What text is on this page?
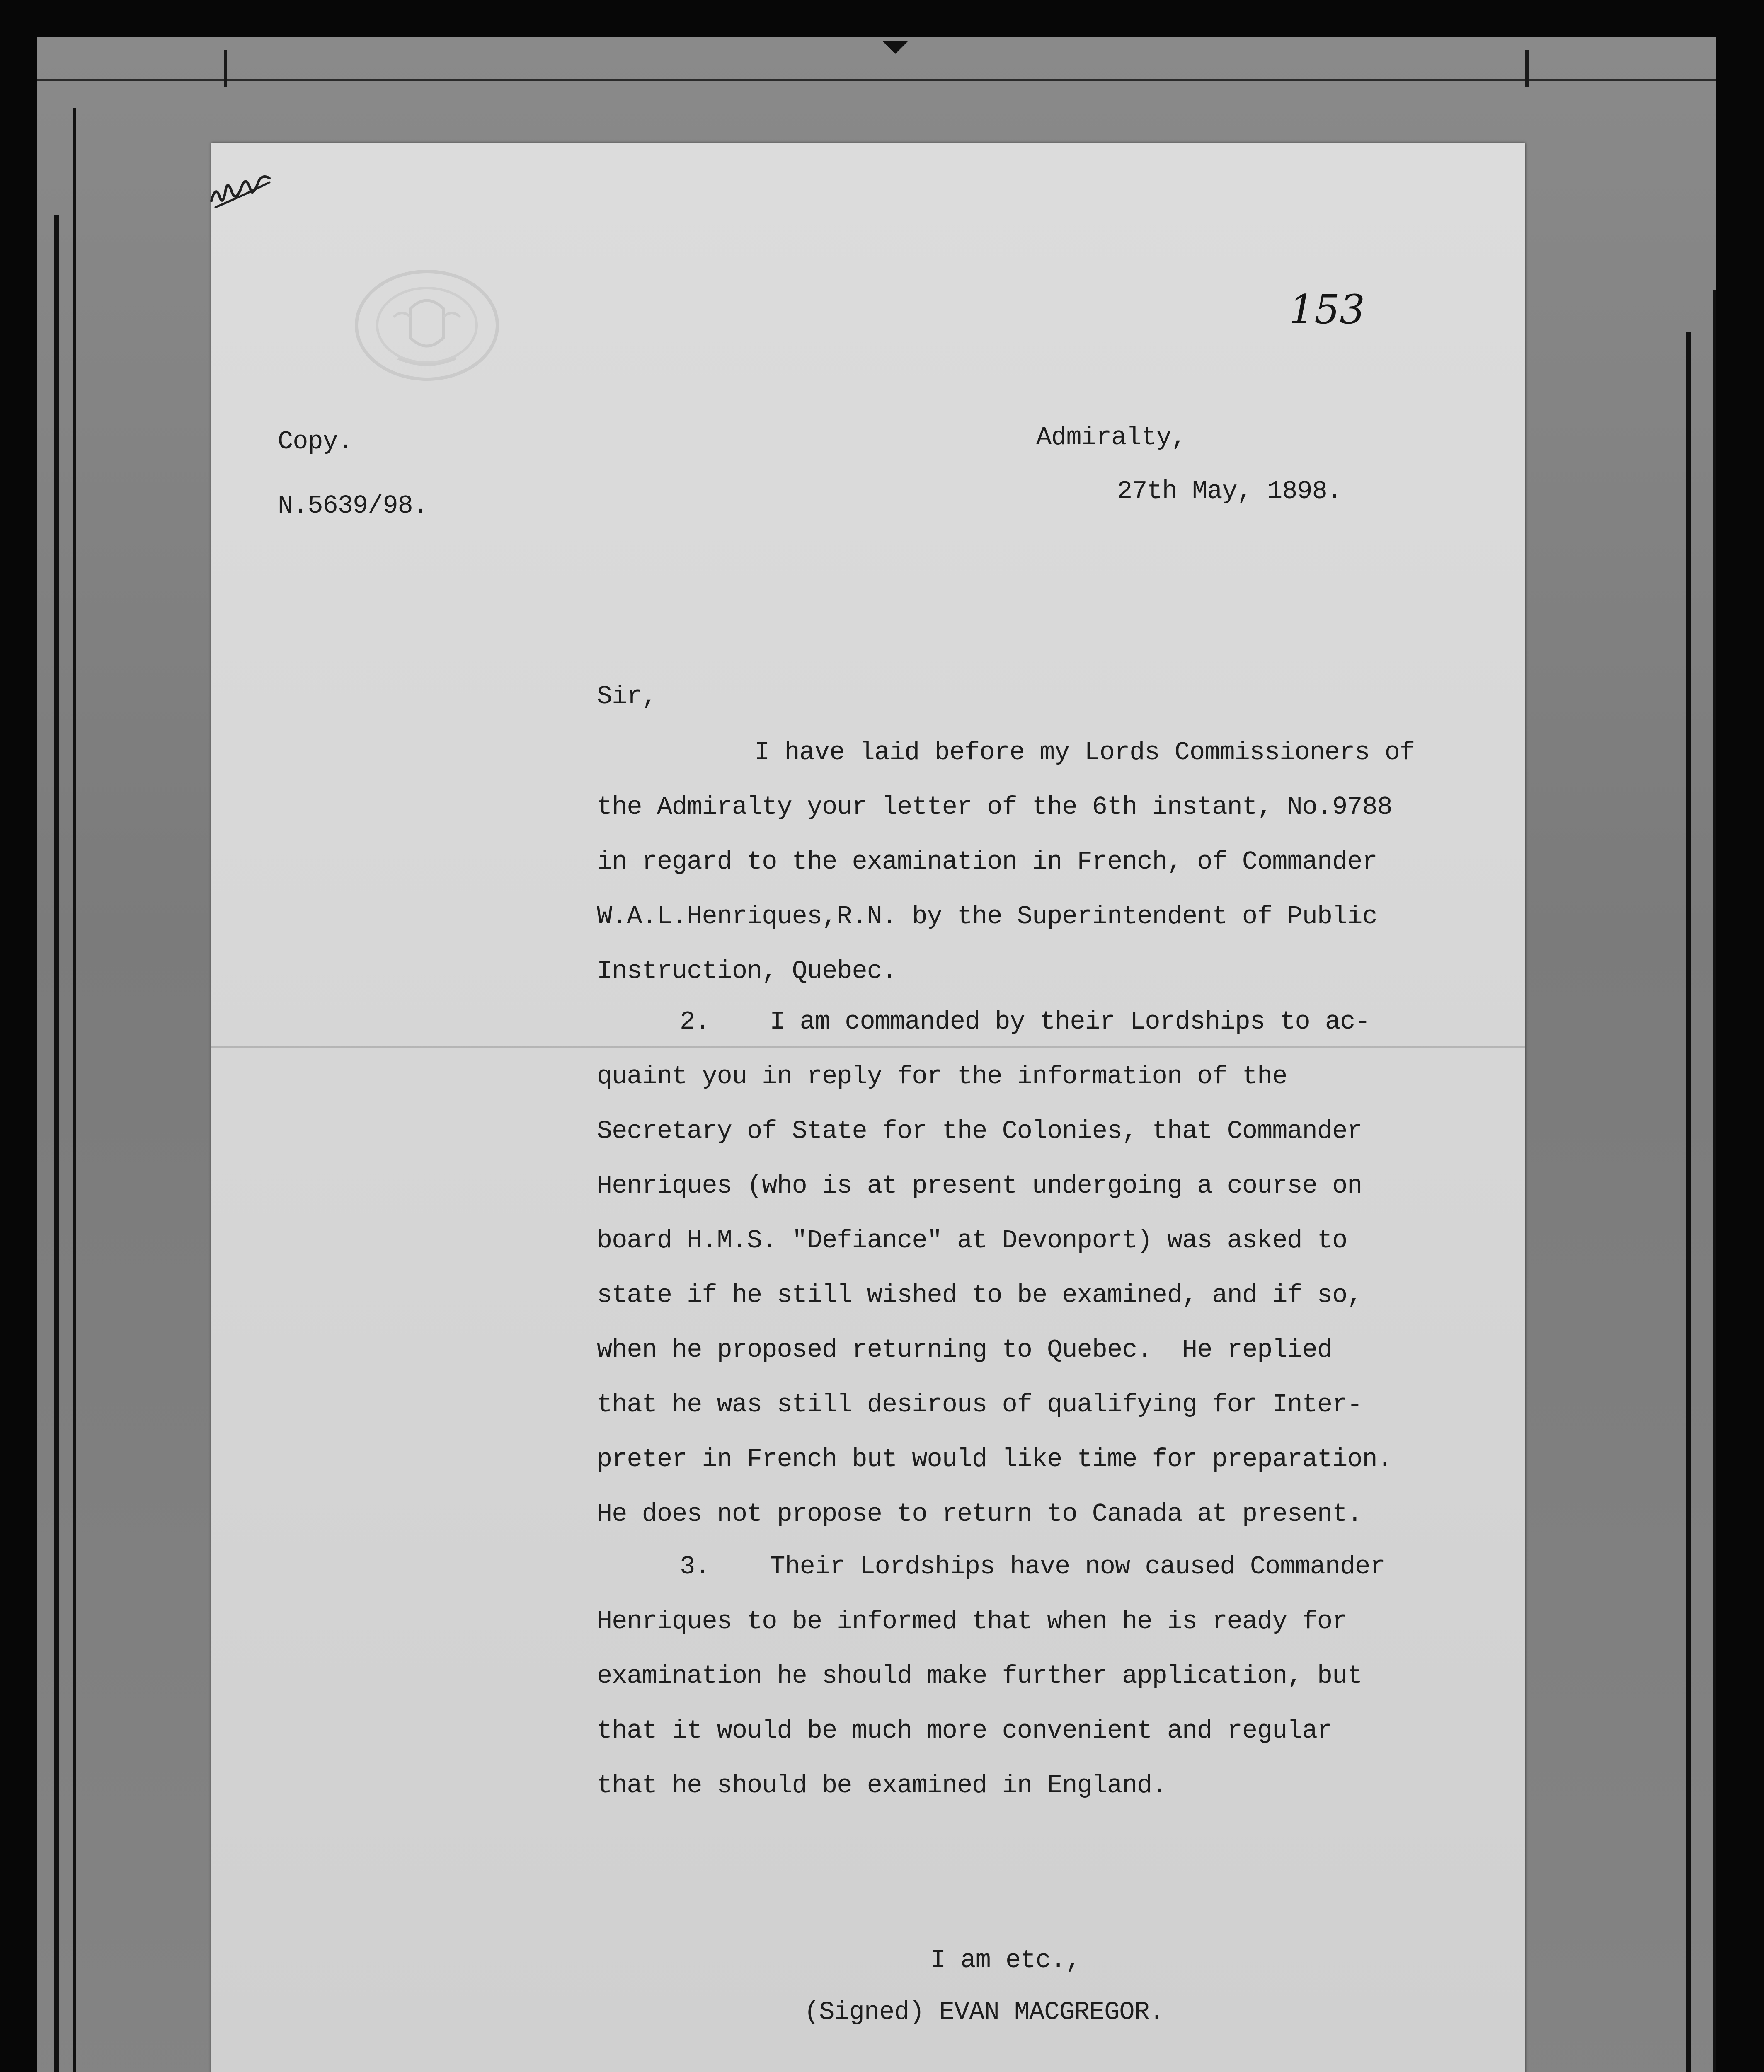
153

Copy.

N.5639/98.

Admiralty,

27th May, 1898.

Sir,

I have laid before my Lords Commissioners of
the Admiralty your letter of the 6th instant, No.9788
in regard to the examination in French, of Commander
W.A.L.Henriques,R.N. by the Superintendent of Public
Instruction, Quebec.
2.    I am commanded by their Lordships to ac-
quaint you in reply for the information of the
Secretary of State for the Colonies, that Commander
Henriques (who is at present undergoing a course on
board H.M.S. "Defiance" at Devonport) was asked to
state if he still wished to be examined, and if so,
when he proposed returning to Quebec.  He replied
that he was still desirous of qualifying for Inter-
preter in French but would like time for preparation.
He does not propose to return to Canada at present.
3.    Their Lordships have now caused Commander
Henriques to be informed that when he is ready for
examination he should make further application, but
that it would be much more convenient and regular
that he should be examined in England.

I am etc.,

(Signed) EVAN MACGREGOR.
